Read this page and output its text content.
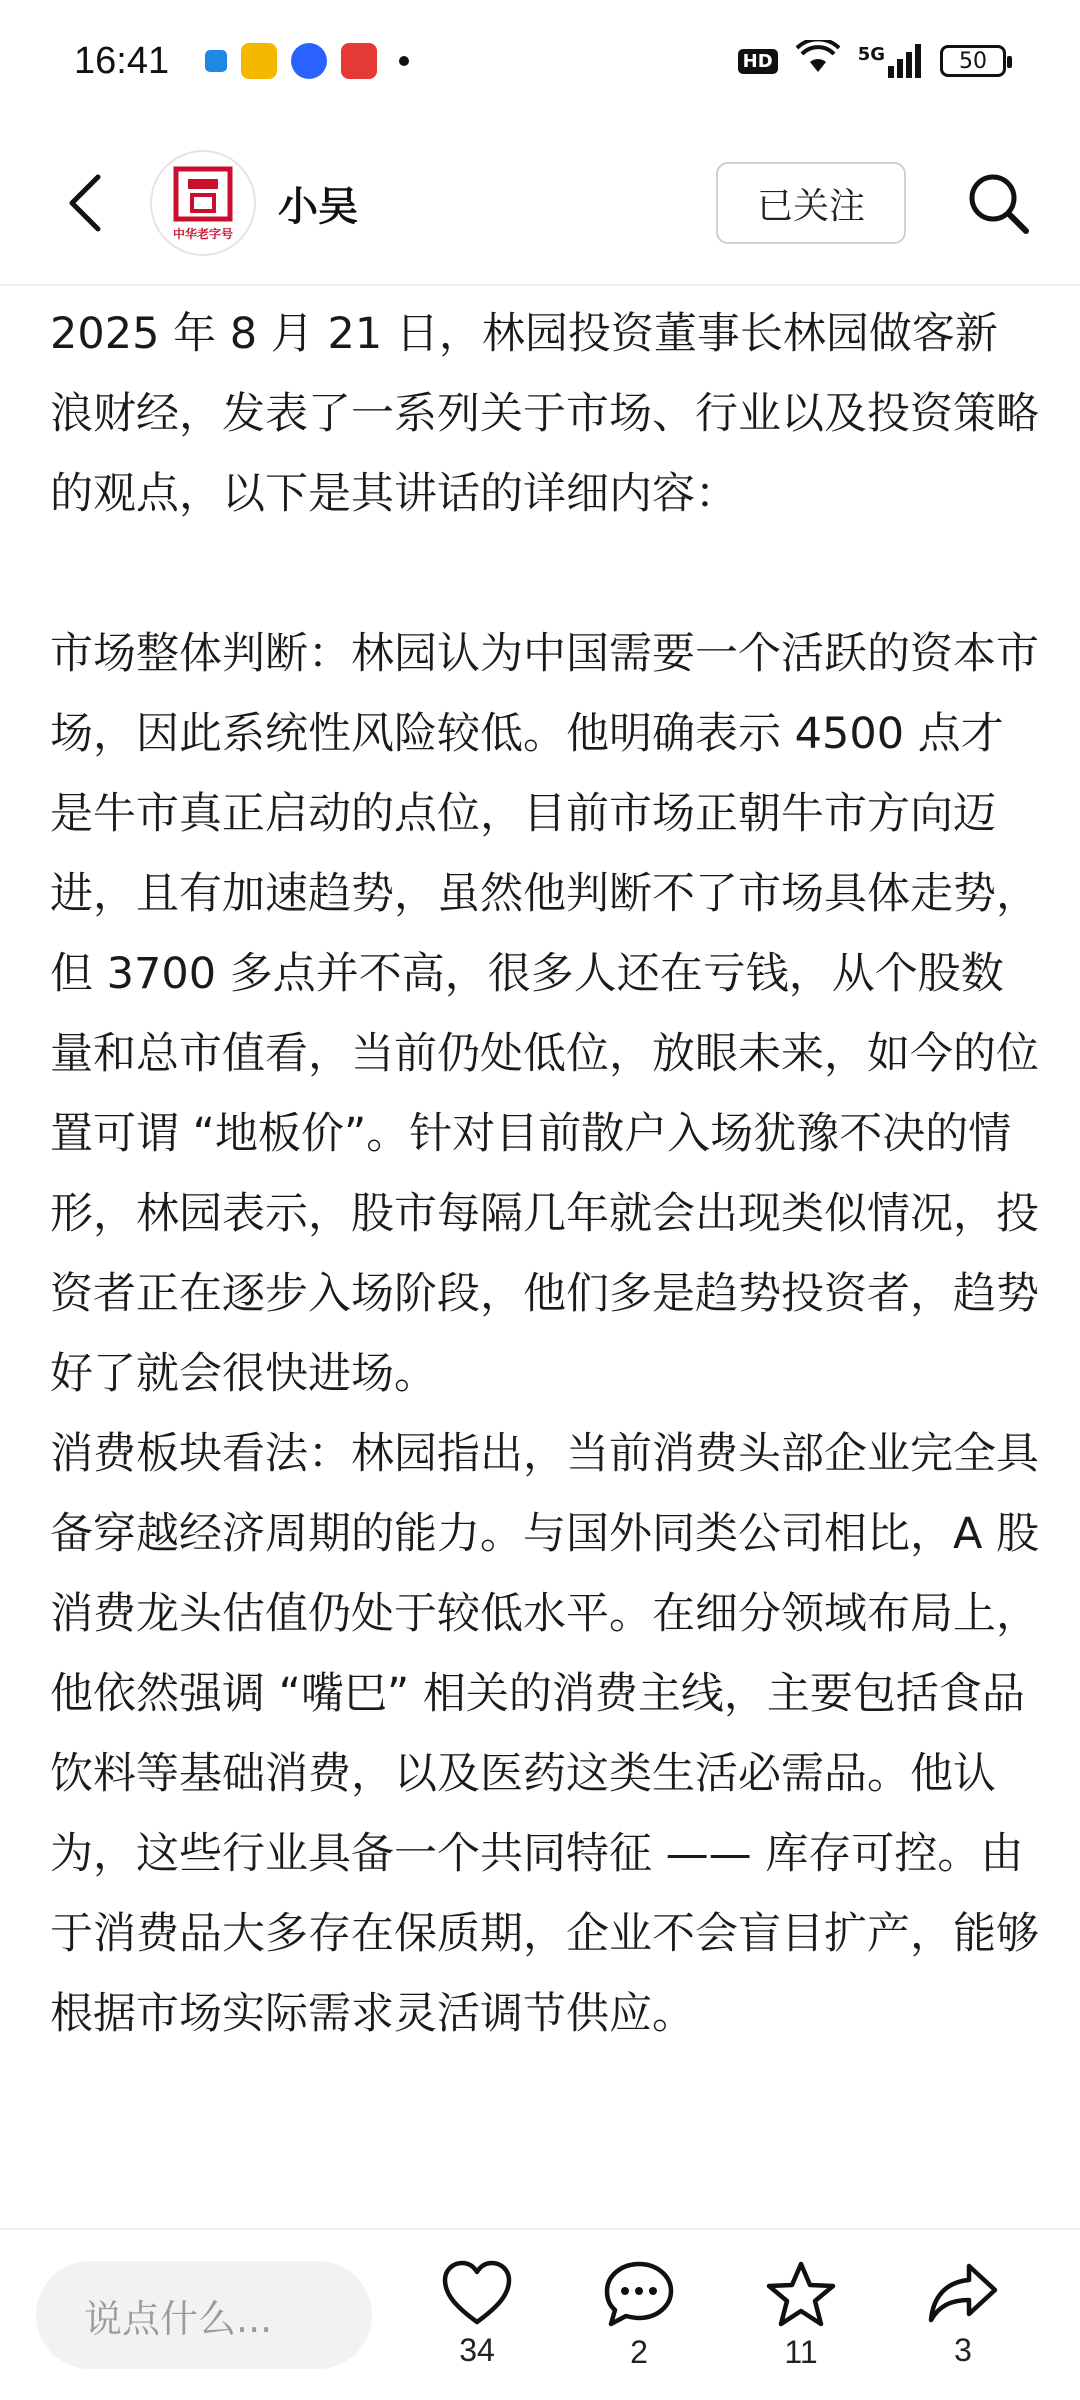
16:41	HD	5G	50
中华老字号
小吴	已关注

2025 年 8 月 21 日，林园投资董事长林园做客新浪财经，发表了一系列关于市场、行业以及投资策略的观点，以下是其讲话的详细内容：

市场整体判断：林园认为中国需要一个活跃的资本市场，因此系统性风险较低。他明确表示 4500 点才是牛市真正启动的点位，目前市场正朝牛市方向迈进，且有加速趋势，虽然他判断不了市场具体走势，但 3700 多点并不高，很多人还在亏钱，从个股数量和总市值看，当前仍处低位，放眼未来，如今的位置可谓 “地板价”。针对目前散户入场犹豫不决的情形，林园表示，股市每隔几年就会出现类似情况，投资者正在逐步入场阶段，他们多是趋势投资者，趋势好了就会很快进场。

消费板块看法：林园指出，当前消费头部企业完全具备穿越经济周期的能力。与国外同类公司相比，A 股消费龙头估值仍处于较低水平。在细分领域布局上，他依然强调 “嘴巴” 相关的消费主线，主要包括食品饮料等基础消费，以及医药这类生活必需品。他认为，这些行业具备一个共同特征 —— 库存可控。由于消费品大多存在保质期，企业不会盲目扩产，能够根据市场实际需求灵活调节供应。

说点什么...
34	2	11	3
